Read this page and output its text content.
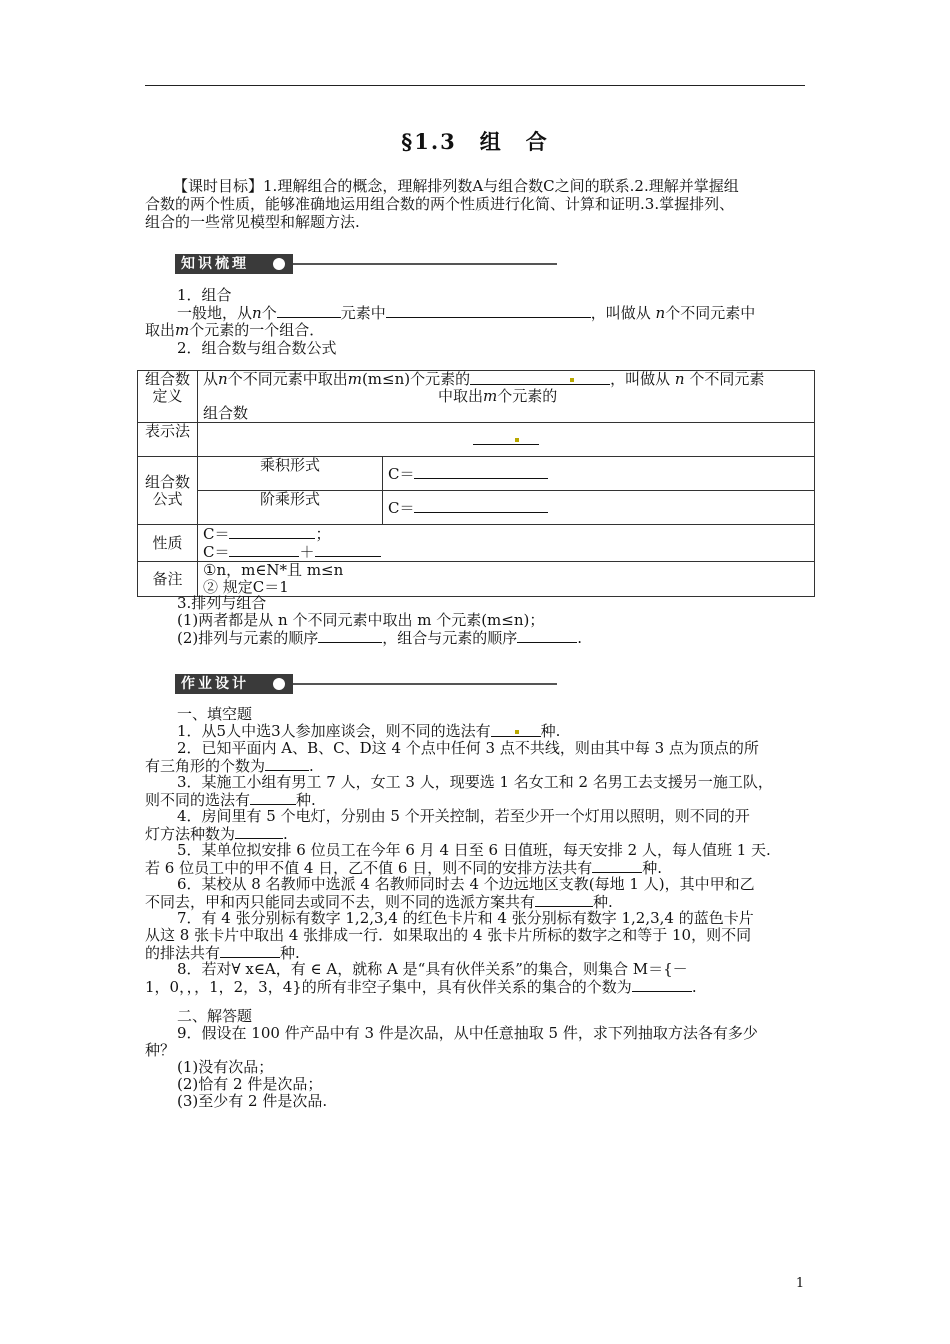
§1.3　组　合
【课时目标】1.理解组合的概念，理解排列数A与组合数C之间的联系.2.理解并掌握组
合数的两个性质，能够准确地运用组合数的两个性质进行化简、计算和证明.3.掌握排列、
组合的一些常见模型和解题方法.
知识梳理
1．组合
一般地，从n个	元素中	，叫做从 n个不同元素中
取出m个元素的一个组合．
2．组合数与组合数公式
组合数定义	从n个不同元素中取出m(m≤n)个元素的 ，叫做从 n 个不同元素
中取出m个元素的
组合数	

表示法		
组合数公式	乘积形式	C＝
	阶乘形式	C＝
性质	C＝ ；
C＝ ＋	

备注	①n，m∈N*且 m≤n
② 规定C＝1	
3.排列与组合
(1)两者都是从 n 个不同元素中取出 m 个元素(m≤n)；
(2)排列与元素的顺序	，组合与元素的顺序	.
作业设计
一、填空题
1．从5人中选3人参加座谈会，则不同的选法有	种.
2．已知平面内 A、B、C、D这 4 个点中任何 3 点不共线，则由其中每 3 点为顶点的所
有三角形的个数为	.
3．某施工小组有男工 7 人，女工 3 人，现要选 1 名女工和 2 名男工去支援另一施工队，
则不同的选法有	种.
4．房间里有 5 个电灯，分别由 5 个开关控制，若至少开一个灯用以照明，则不同的开
灯方法种数为	.
5．某单位拟安排 6 位员工在今年 6 月 4 日至 6 日值班，每天安排 2 人，每人值班 1 天.
若 6 位员工中的甲不值 4 日，乙不值 6 日，则不同的安排方法共有	种.
6．某校从 8 名教师中选派 4 名教师同时去 4 个边远地区支教(每地 1 人)，其中甲和乙
不同去，甲和丙只能同去或同不去，则不同的选派方案共有	种.
7．有 4 张分别标有数字 1,2,3,4 的红色卡片和 4 张分别标有数字 1,2,3,4 的蓝色卡片
从这 8 张卡片中取出 4 张排成一行．如果取出的 4 张卡片所标的数字之和等于 10，则不同
的排法共有	种.
8．若对∀ x∈A，有 ∈ A，就称 A 是“具有伙伴关系”的集合，则集合 M＝{－
1，0，，，1，2，3，4}的所有非空子集中，具有伙伴关系的集合的个数为	.
二、解答题
9．假设在 100 件产品中有 3 件是次品，从中任意抽取 5 件，求下列抽取方法各有多少
种？
(1)没有次品；
(2)恰有 2 件是次品；
(3)至少有 2 件是次品.
1
